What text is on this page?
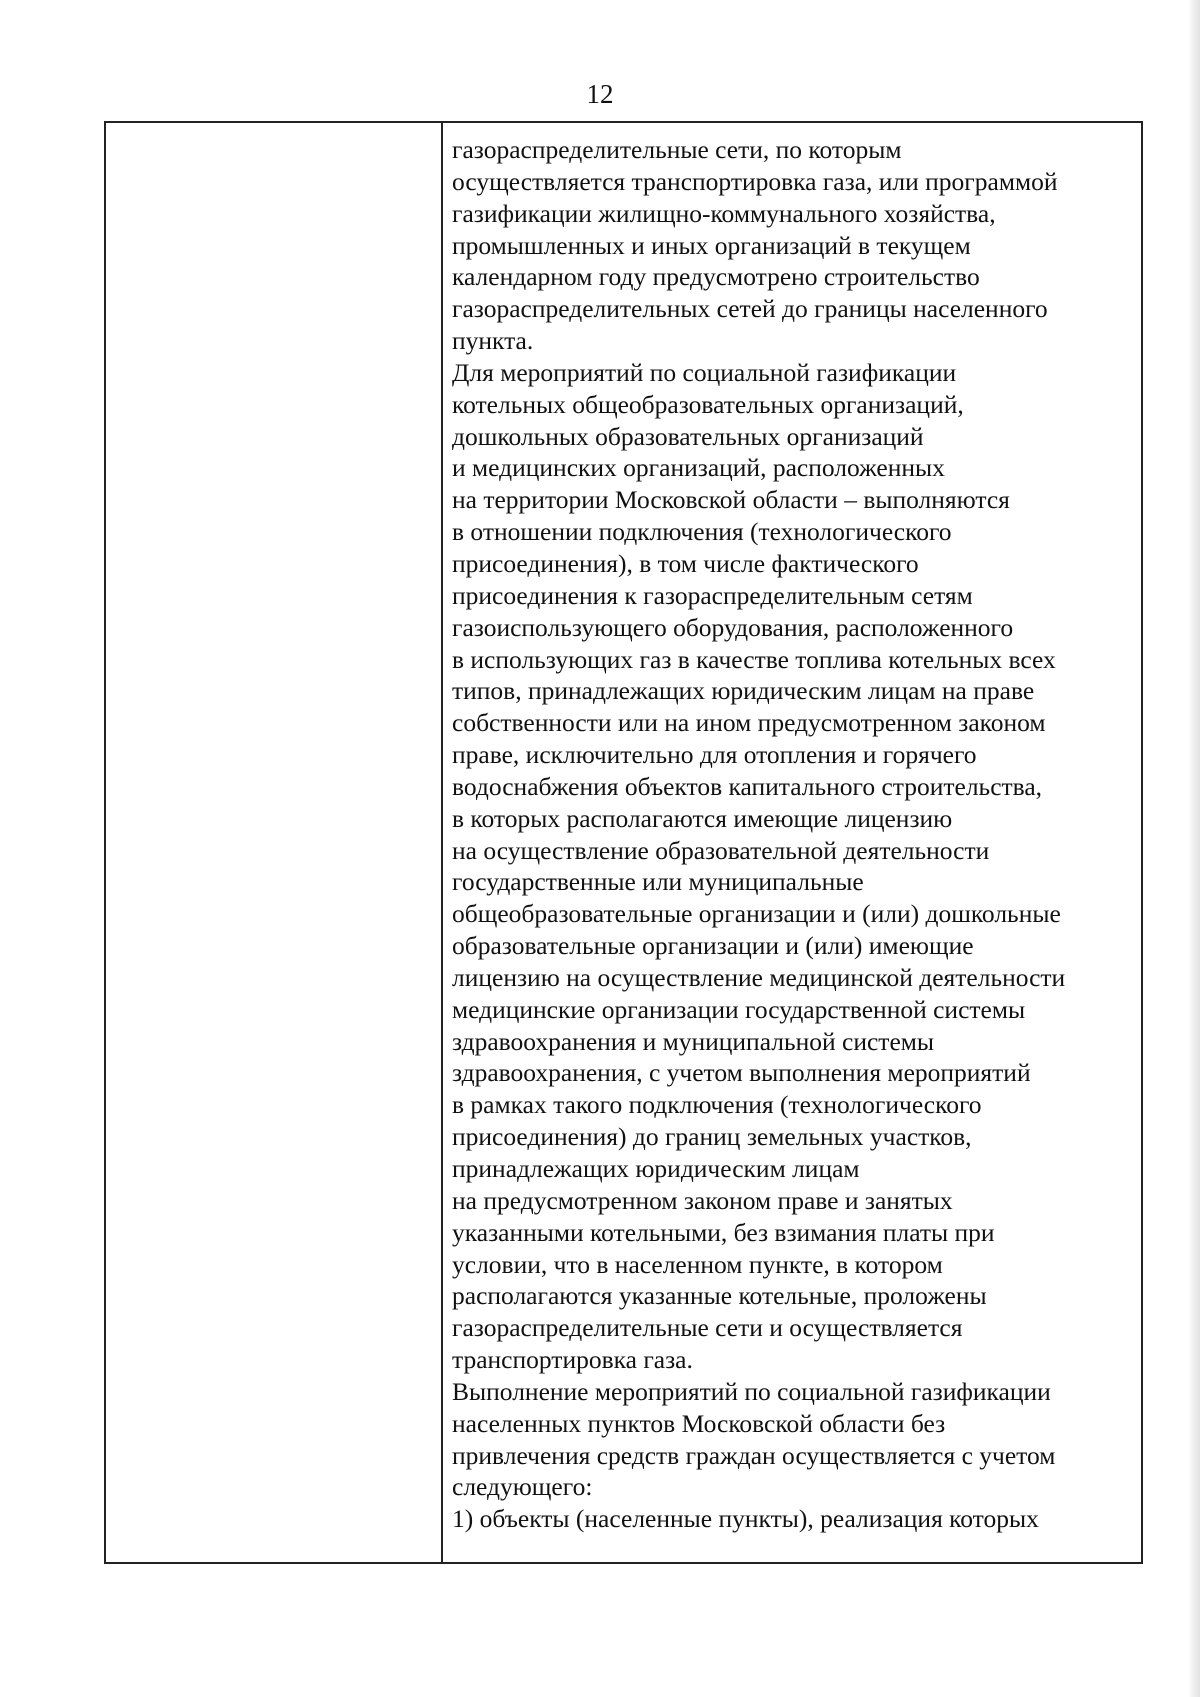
12
газораспределительные сети, по которым
осуществляется транспортировка газа, или программой
газификации жилищно-коммунального хозяйства,
промышленных и иных организаций в текущем
календарном году предусмотрено строительство
газораспределительных сетей до границы населенного
пункта.
Для мероприятий по социальной газификации
котельных общеобразовательных организаций,
дошкольных образовательных организаций
и медицинских организаций, расположенных
на территории Московской области – выполняются
в отношении подключения (технологического
присоединения), в том числе фактического
присоединения к газораспределительным сетям
газоиспользующего оборудования, расположенного
в использующих газ в качестве топлива котельных всех
типов, принадлежащих юридическим лицам на праве
собственности или на ином предусмотренном законом
праве, исключительно для отопления и горячего
водоснабжения объектов капитального строительства,
в которых располагаются имеющие лицензию
на осуществление образовательной деятельности
государственные или муниципальные
общеобразовательные организации и (или) дошкольные
образовательные организации и (или) имеющие
лицензию на осуществление медицинской деятельности
медицинские организации государственной системы
здравоохранения и муниципальной системы
здравоохранения, с учетом выполнения мероприятий
в рамках такого подключения (технологического
присоединения) до границ земельных участков,
принадлежащих юридическим лицам
на предусмотренном законом праве и занятых
указанными котельными, без взимания платы при
условии, что в населенном пункте, в котором
располагаются указанные котельные, проложены
газораспределительные сети и осуществляется
транспортировка газа.
Выполнение мероприятий по социальной газификации
населенных пунктов Московской области без
привлечения средств граждан осуществляется с учетом
следующего:
1) объекты (населенные пункты), реализация которых
